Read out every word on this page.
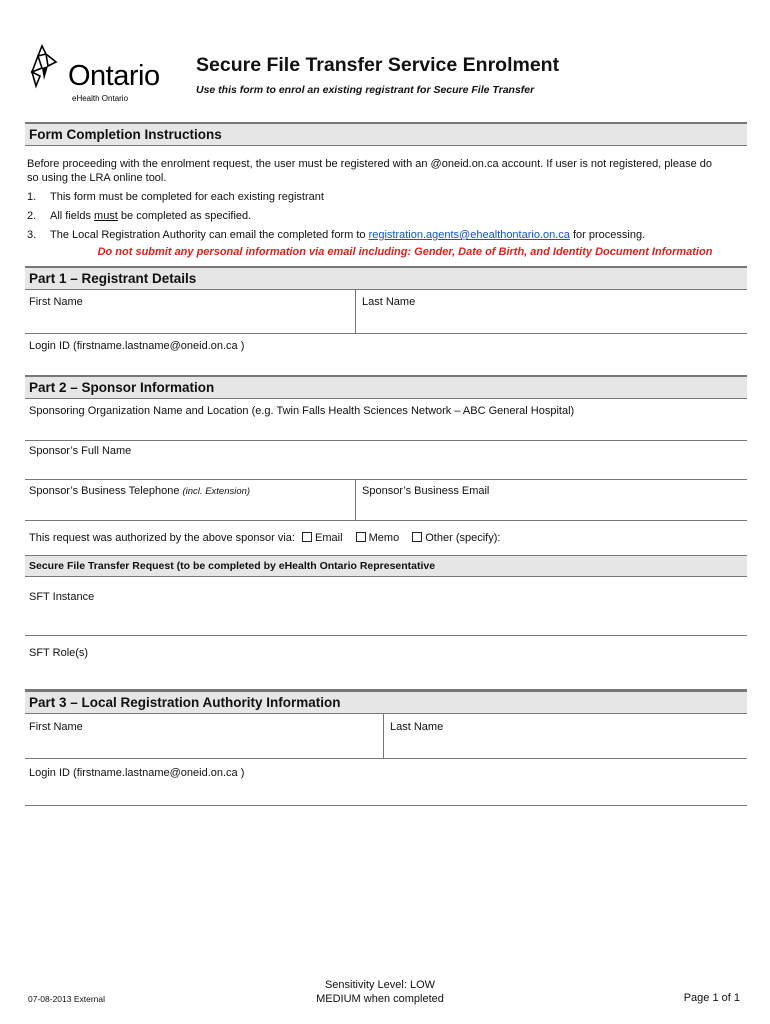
Ontario
eHealth Ontario
Secure File Transfer Service Enrolment
Use this form to enrol an existing registrant for Secure File Transfer
Form Completion Instructions
Before proceeding with the enrolment request, the user must be registered with an @oneid.on.ca account. If user is not registered, please do
so using the LRA online tool.
1. This form must be completed for each existing registrant
2. All fields must be completed as specified.
3. The Local Registration Authority can email the completed form to registration.agents@ehealthontario.on.ca for processing.
Do not submit any personal information via email including: Gender, Date of Birth, and Identity Document Information
Part 1 – Registrant Details
First Name	Last Name
Login ID (firstname.lastname@oneid.on.ca )
Part 2 – Sponsor Information
Sponsoring Organization Name and Location (e.g. Twin Falls Health Sciences Network – ABC General Hospital)
Sponsor’s Full Name
Sponsor’s Business Telephone (incl. Extension)	Sponsor’s Business Email
This request was authorized by the above sponsor via: Email Memo Other (specify):
Secure File Transfer Request (to be completed by eHealth Ontario Representative
SFT Instance
SFT Role(s)
Part 3 – Local Registration Authority Information
First Name	Last Name
Login ID (firstname.lastname@oneid.on.ca )
07-08-2013 External
Sensitivity Level: LOW
MEDIUM when completed	Page 1 of 1
